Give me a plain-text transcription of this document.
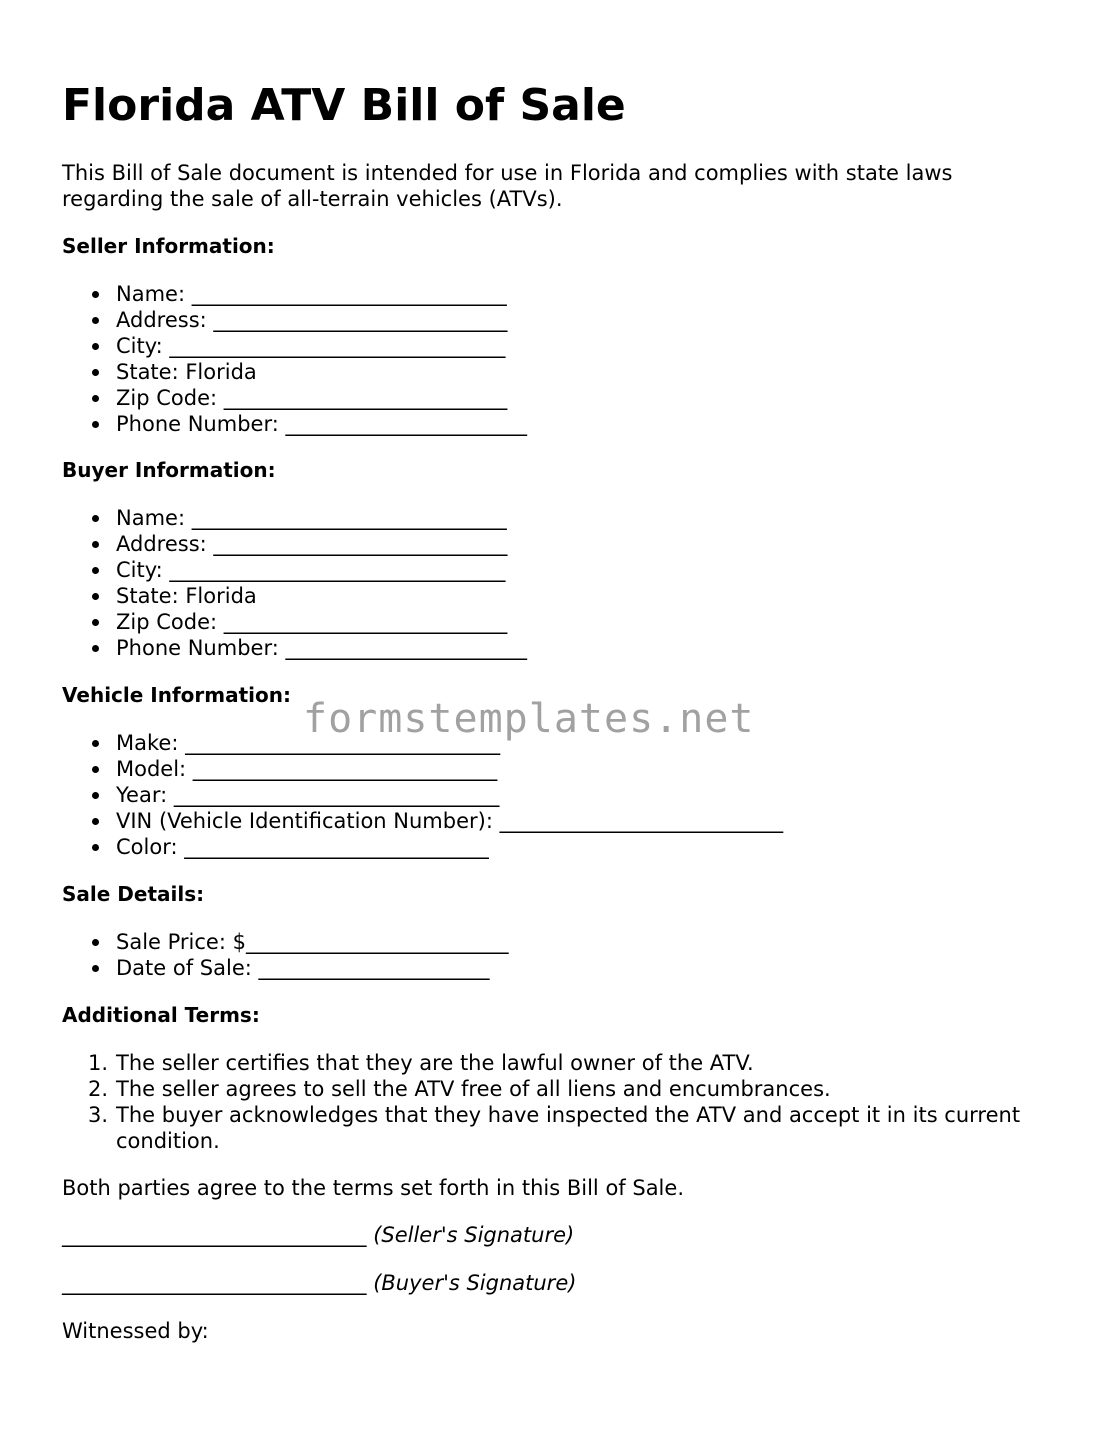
Florida ATV Bill of Sale

This Bill of Sale document is intended for use in Florida and complies with state laws regarding the sale of all-terrain vehicles (ATVs).

Seller Information:

Name: ______________________________
Address: ____________________________
City: ________________________________
State: Florida
Zip Code: ___________________________
Phone Number: _______________________

Buyer Information:

Name: ______________________________
Address: ____________________________
City: ________________________________
State: Florida
Zip Code: ___________________________
Phone Number: _______________________

Vehicle Information:

Make: ______________________________
Model: _____________________________
Year: _______________________________
VIN (Vehicle Identification Number): ___________________________
Color: _____________________________

Sale Details:

Sale Price: $_________________________
Date of Sale: ______________________

Additional Terms:

1. The seller certifies that they are the lawful owner of the ATV.
2. The seller agrees to sell the ATV free of all liens and encumbrances.
3. The buyer acknowledges that they have inspected the ATV and accept it in its current condition.

Both parties agree to the terms set forth in this Bill of Sale.

_____________________________ (Seller's Signature)

_____________________________ (Buyer's Signature)

Witnessed by:

formstemplates.net
